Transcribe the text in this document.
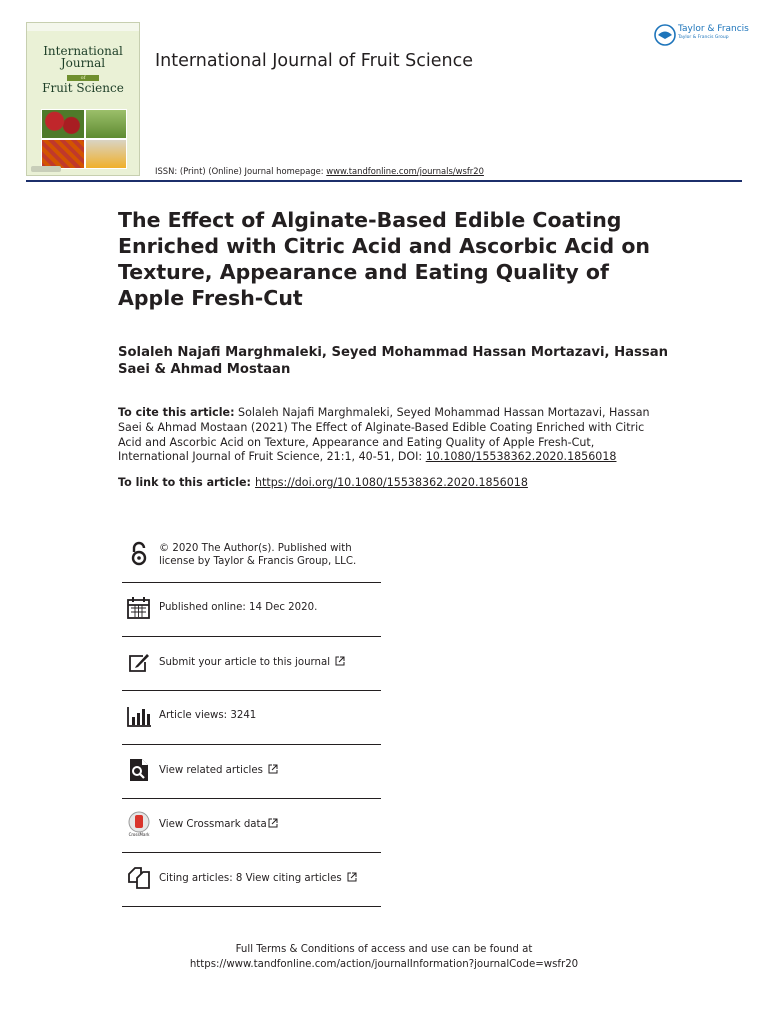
International
Journal
of
Fruit Science
International Journal of Fruit Science
ISSN: (Print) (Online) Journal homepage: www.tandfonline.com/journals/wsfr20
Taylor & Francis
Taylor & Francis Group
The Effect of Alginate-Based Edible Coating Enriched with Citric Acid and Ascorbic Acid on Texture, Appearance and Eating Quality of Apple Fresh-Cut
Solaleh Najafi Marghmaleki, Seyed Mohammad Hassan Mortazavi, Hassan Saei & Ahmad Mostaan
To cite this article: Solaleh Najafi Marghmaleki, Seyed Mohammad Hassan Mortazavi, Hassan Saei & Ahmad Mostaan (2021) The Effect of Alginate-Based Edible Coating Enriched with Citric Acid and Ascorbic Acid on Texture, Appearance and Eating Quality of Apple Fresh-Cut, International Journal of Fruit Science, 21:1, 40-51, DOI: 10.1080/15538362.2020.1856018
To link to this article: https://doi.org/10.1080/15538362.2020.1856018
© 2020 The Author(s). Published with
license by Taylor & Francis Group, LLC.
Published online: 14 Dec 2020.
Submit your article to this journal
Article views: 3241
View related articles
CrossMark
View Crossmark data
Citing articles: 8 View citing articles
Full Terms & Conditions of access and use can be found at
https://www.tandfonline.com/action/journalInformation?journalCode=wsfr20
